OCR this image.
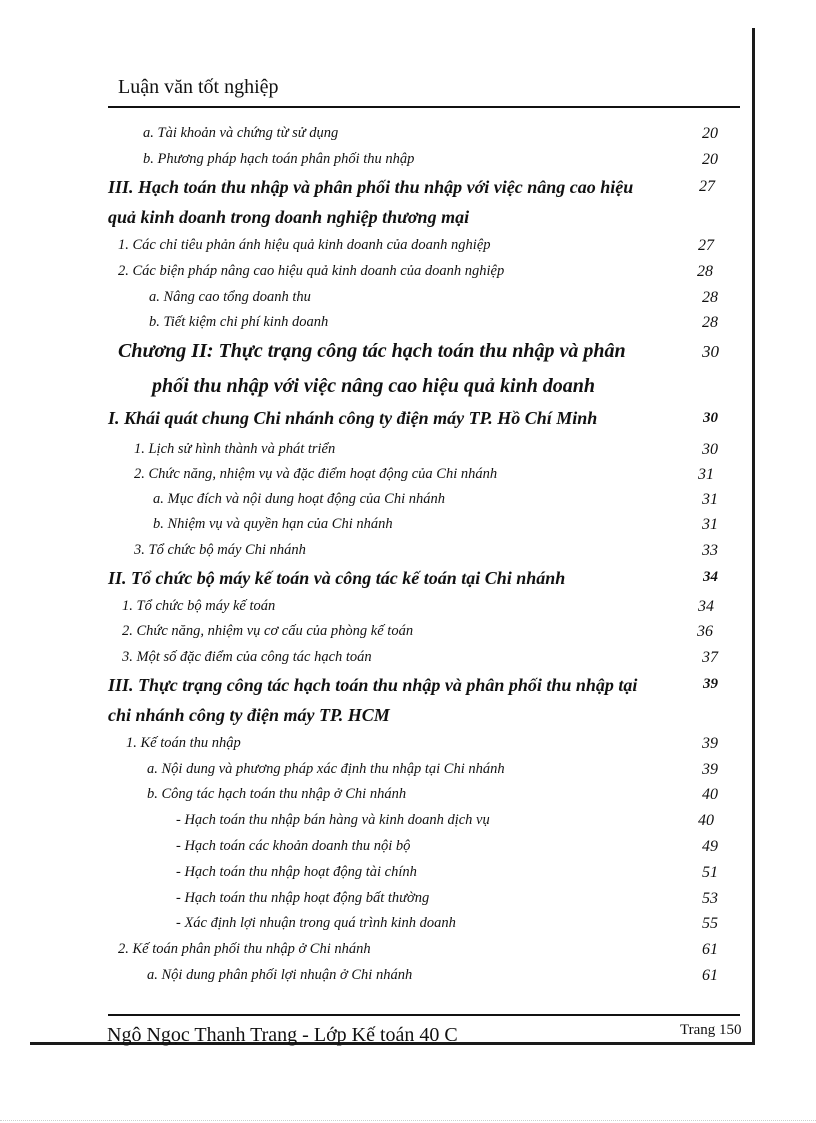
Luận văn tốt nghiệp
a. Tài khoản và chứng từ sử dụng	20
b. Phương pháp hạch toán phân phối thu nhập	20
III. Hạch toán thu nhập và phân phối thu nhập với việc nâng cao hiệu	27
quả kinh doanh trong doanh nghiệp thương mại
1. Các chỉ tiêu phản ánh hiệu quả kinh doanh của doanh nghiệp	27
2. Các biện pháp nâng cao hiệu quả kinh doanh của doanh nghiệp	28
a. Nâng cao tổng doanh thu	28
b. Tiết kiệm chi phí kinh doanh	28
Chương II: Thực trạng công tác hạch toán thu nhập và phân	30
phối thu nhập với việc nâng cao hiệu quả kinh doanh
I. Khái quát chung Chi nhánh công ty điện máy TP. Hồ Chí Minh	30
1. Lịch sử hình thành và phát triển	30
2. Chức năng, nhiệm vụ và đặc điểm hoạt động của Chi nhánh	31
a. Mục đích và nội dung hoạt động của Chi nhánh	31
b. Nhiệm vụ và quyền hạn của Chi nhánh	31
3. Tổ chức bộ máy Chi nhánh	33
II. Tổ chức bộ máy kế toán và công tác kế toán tại Chi nhánh	34
1. Tổ chức bộ máy kế toán	34
2. Chức năng, nhiệm vụ cơ cấu của phòng kế toán	36
3. Một số đặc điểm của công tác hạch toán	37
III. Thực trạng công tác hạch toán thu nhập và phân phối thu nhập tại	39
chi nhánh công ty điện máy TP. HCM
1. Kế toán thu nhập	39
a. Nội dung và phương pháp xác định thu nhập tại Chi nhánh	39
b. Công tác hạch toán thu nhập ở Chi nhánh	40
- Hạch toán thu nhập bán hàng và kinh doanh dịch vụ	40
- Hạch toán các khoản doanh thu nội bộ	49
- Hạch toán thu nhập hoạt động tài chính	51
- Hạch toán thu nhập hoạt động bất thường	53
- Xác định lợi nhuận trong quá trình kinh doanh	55
2. Kế toán phân phối thu nhập ở Chi nhánh	61
a. Nội dung phân phối lợi nhuận ở Chi nhánh	61
Ngô Ngọc Thanh Trang - Lớp Kế toán 40 C	Trang 150
